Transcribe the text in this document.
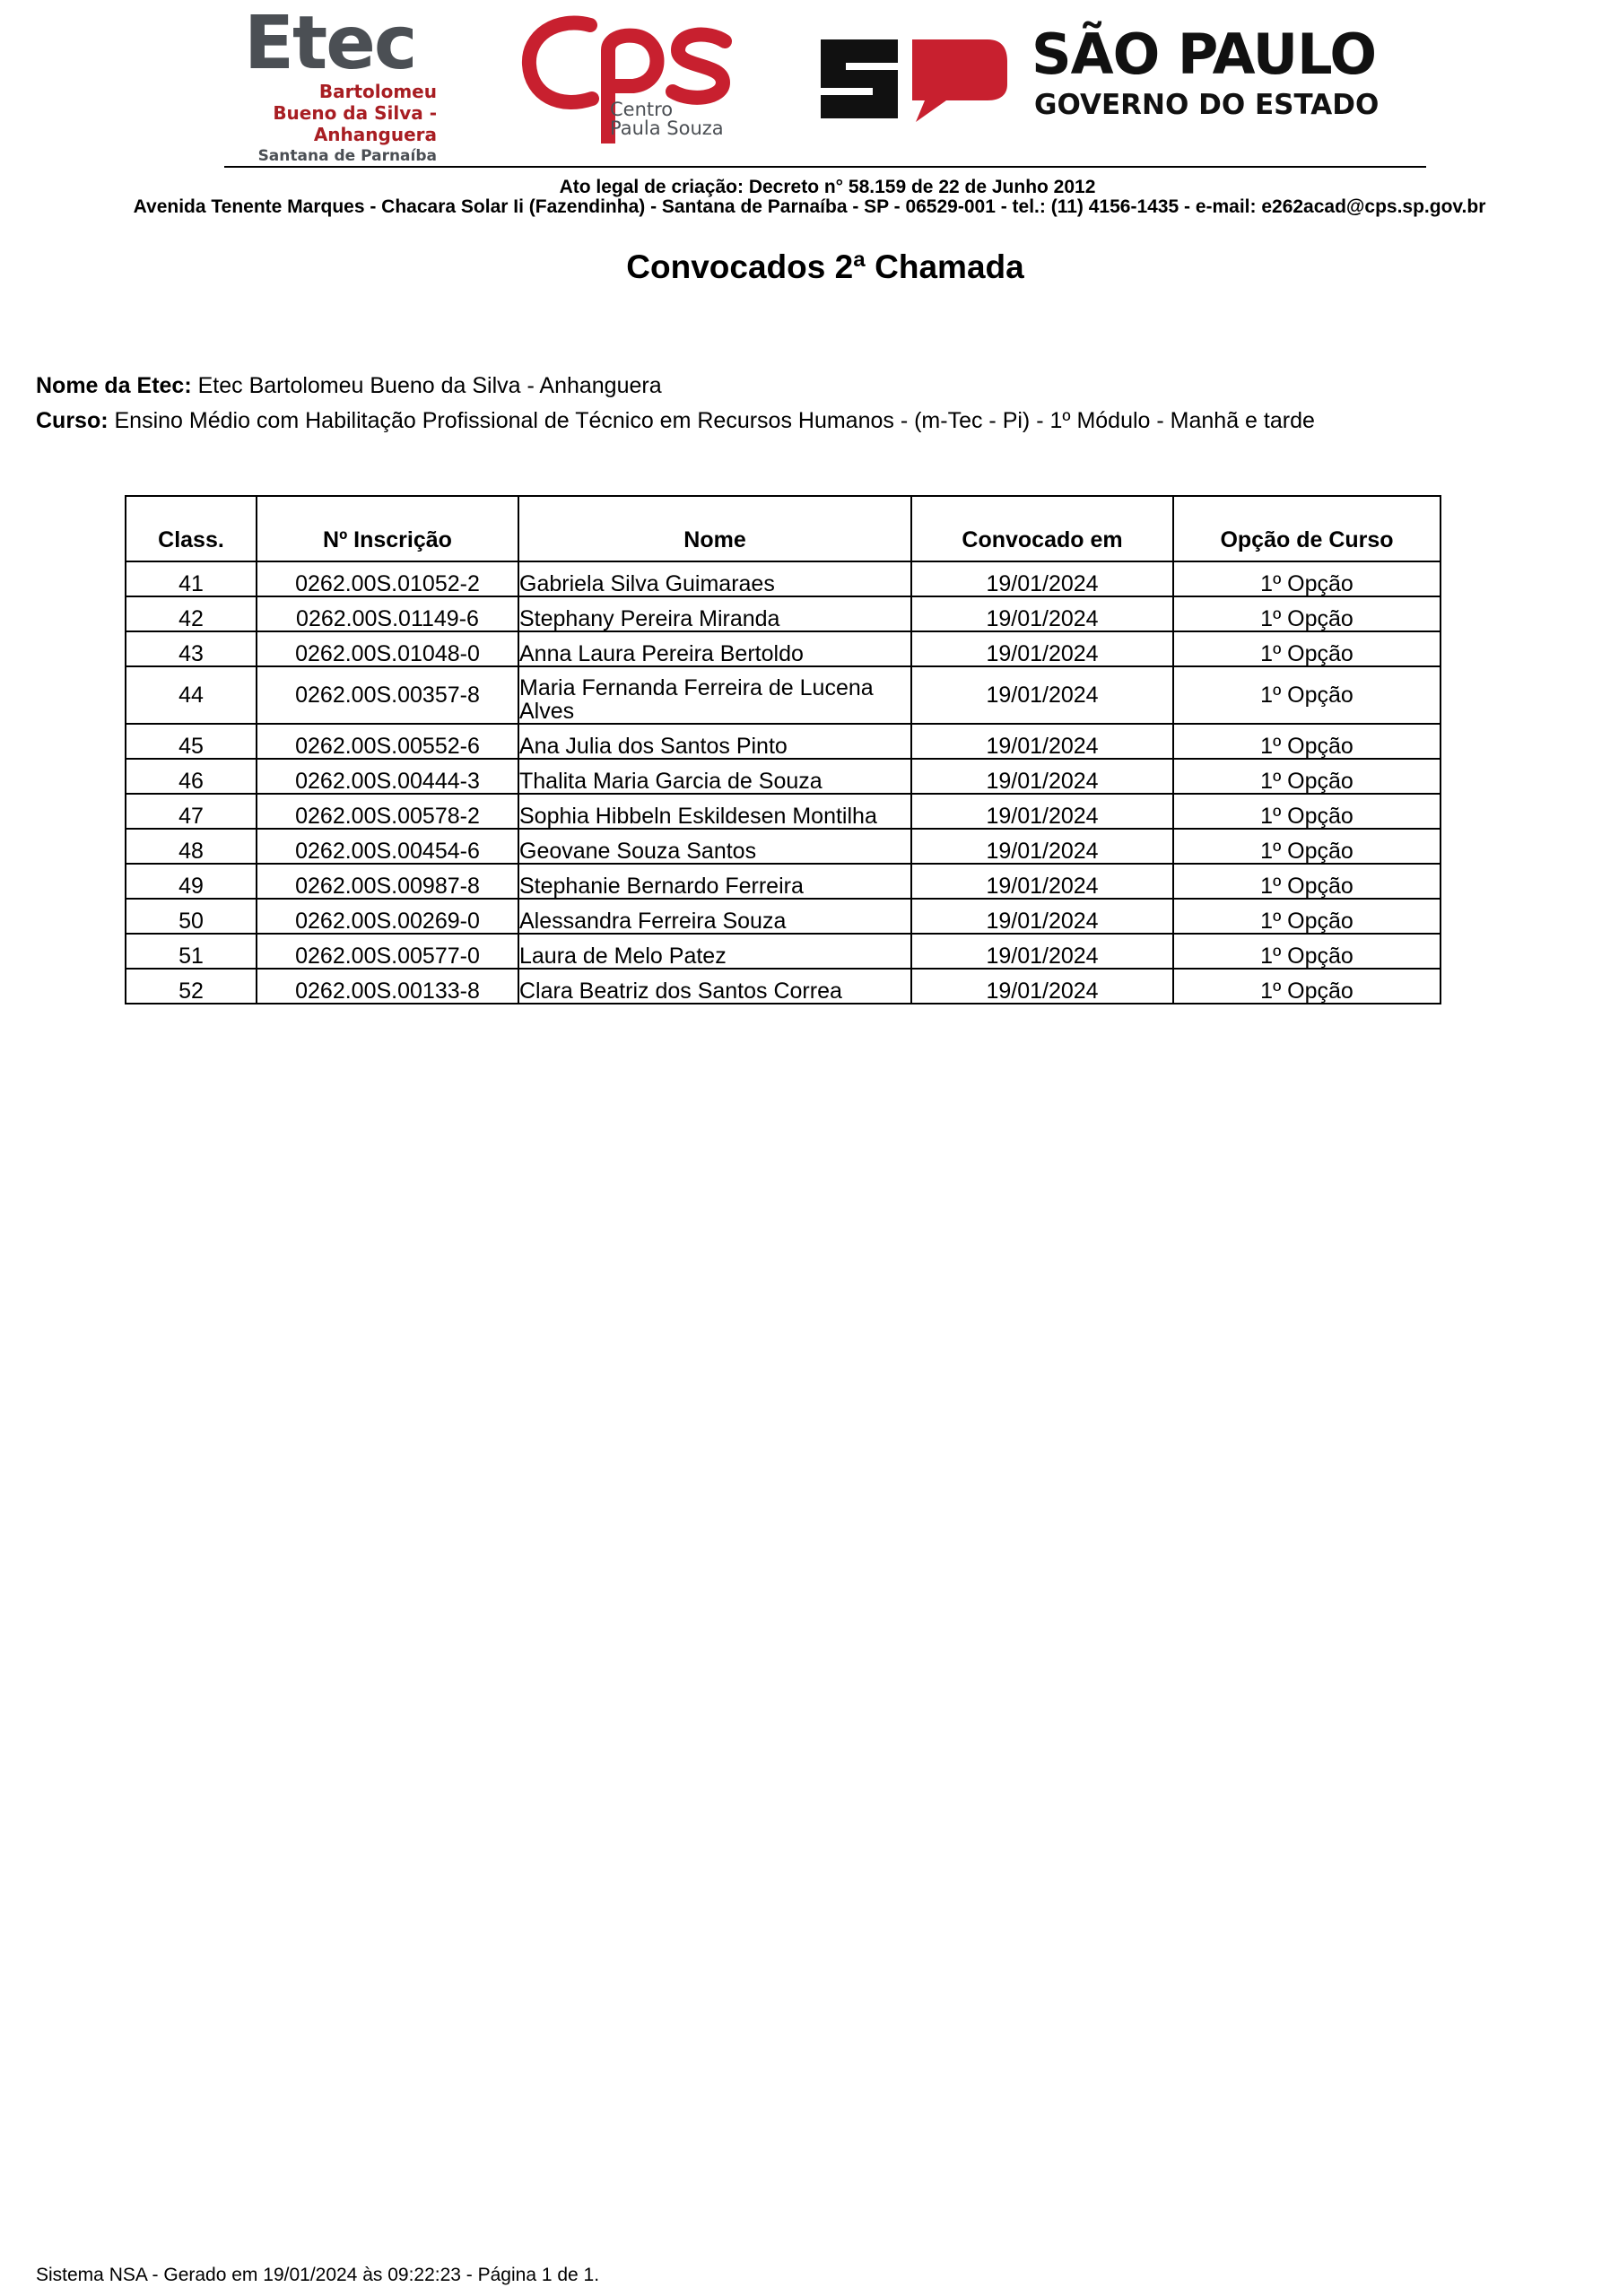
Etec
Bartolomeu
Bueno da Silva -
Anhanguera
Santana de Parnaíba
Centro
Paula Souza
SÃO PAULO
GOVERNO DO ESTADO
Ato legal de criação: Decreto n° 58.159 de 22 de Junho 2012
Avenida Tenente Marques - Chacara Solar Ii (Fazendinha) - Santana de Parnaíba - SP - 06529-001 - tel.: (11) 4156-1435 - e-mail: e262acad@cps.sp.gov.br
Convocados 2ª Chamada
Nome da Etec: Etec Bartolomeu Bueno da Silva - Anhanguera
Curso: Ensino Médio com Habilitação Profissional de Técnico em Recursos Humanos - (m-Tec - Pi) - 1º Módulo - Manhã e tarde
Class.	Nº Inscrição	Nome	Convocado em	Opção de Curso
41	0262.00S.01052-2	Gabriela Silva Guimaraes	19/01/2024	1º Opção
42	0262.00S.01149-6	Stephany Pereira Miranda	19/01/2024	1º Opção
43	0262.00S.01048-0	Anna Laura Pereira Bertoldo	19/01/2024	1º Opção
44	0262.00S.00357-8	Maria Fernanda Ferreira de Lucena Alves	19/01/2024	1º Opção
45	0262.00S.00552-6	Ana Julia dos Santos Pinto	19/01/2024	1º Opção
46	0262.00S.00444-3	Thalita Maria Garcia de Souza	19/01/2024	1º Opção
47	0262.00S.00578-2	Sophia Hibbeln Eskildesen Montilha	19/01/2024	1º Opção
48	0262.00S.00454-6	Geovane Souza Santos	19/01/2024	1º Opção
49	0262.00S.00987-8	Stephanie Bernardo Ferreira	19/01/2024	1º Opção
50	0262.00S.00269-0	Alessandra Ferreira Souza	19/01/2024	1º Opção
51	0262.00S.00577-0	Laura de Melo Patez	19/01/2024	1º Opção
52	0262.00S.00133-8	Clara Beatriz dos Santos Correa	19/01/2024	1º Opção
Sistema NSA - Gerado em 19/01/2024 às 09:22:23 - Página 1 de 1.
